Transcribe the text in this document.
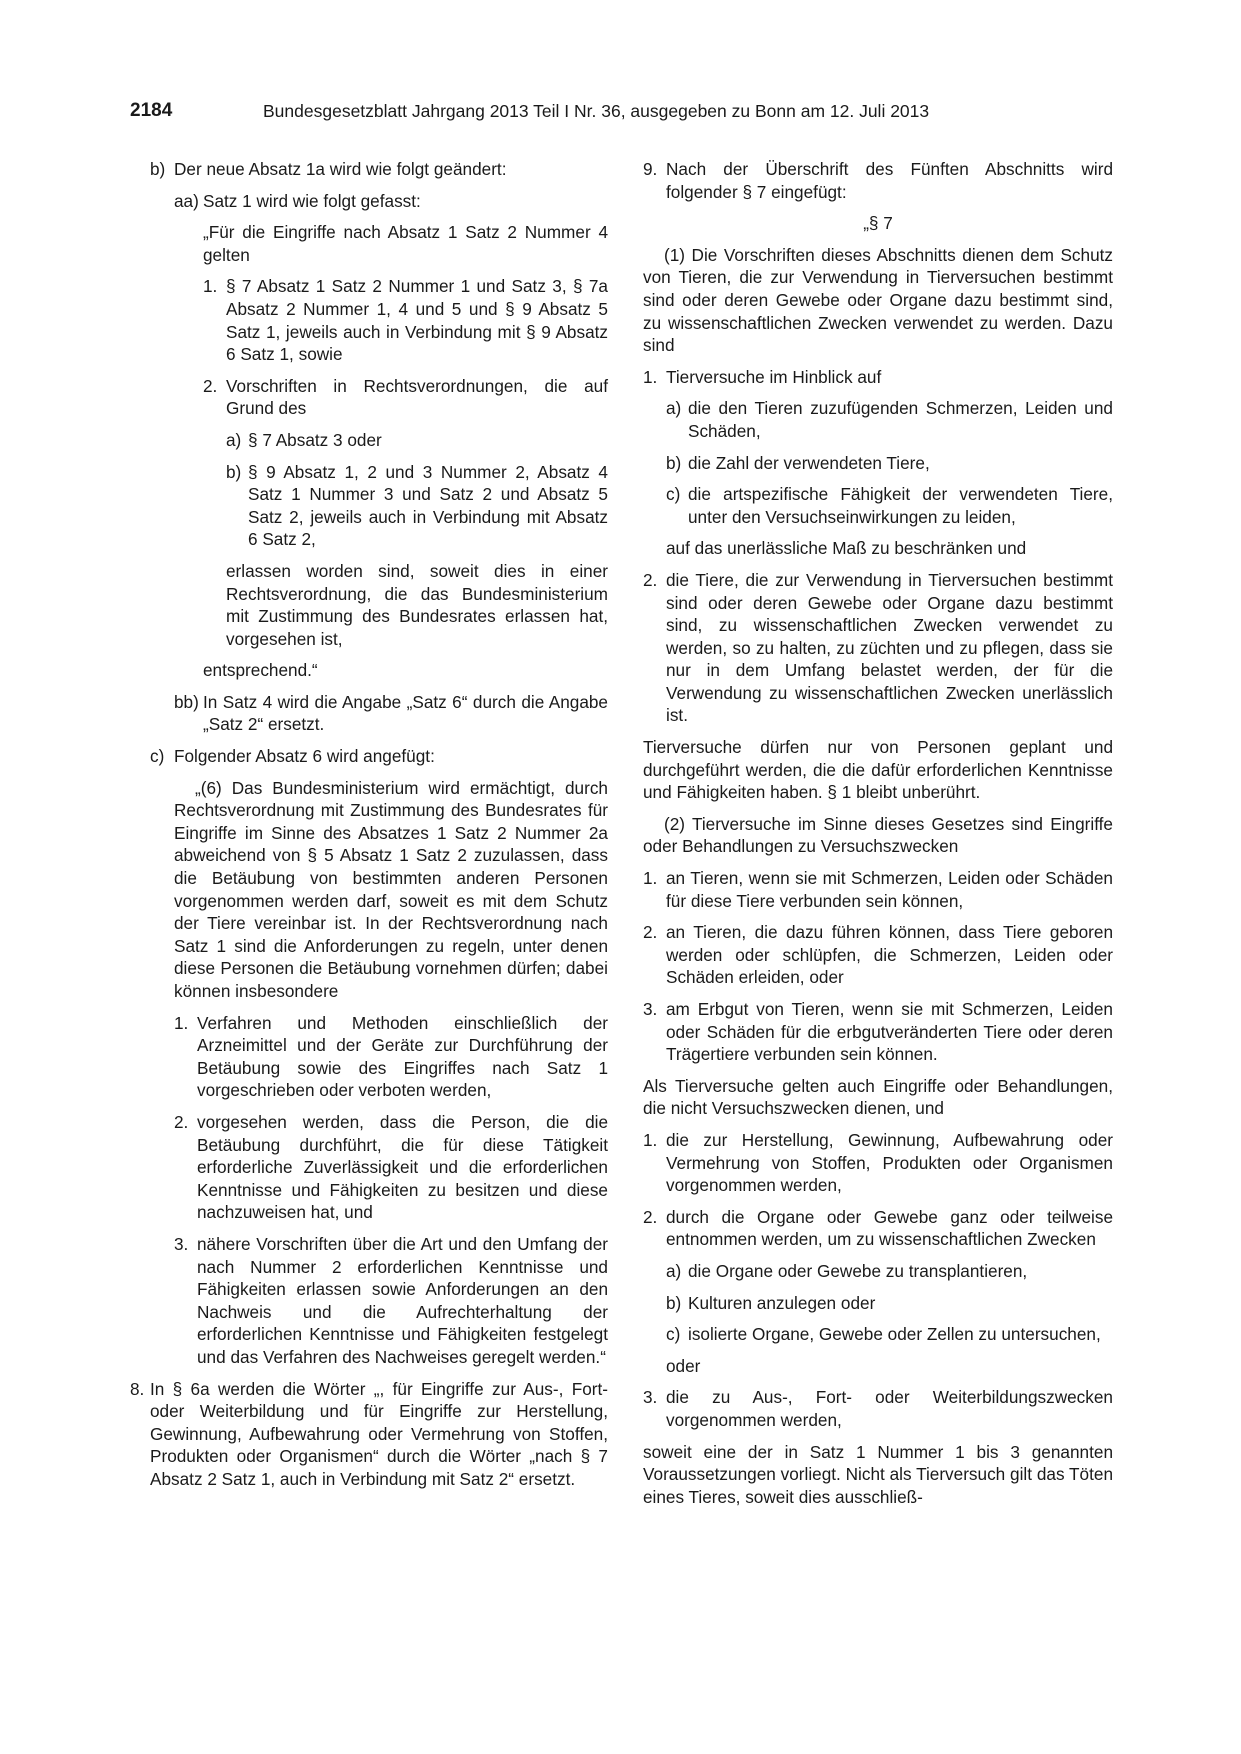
2184	Bundesgesetzblatt Jahrgang 2013 Teil I Nr. 36, ausgegeben zu Bonn am 12. Juli 2013
b) Der neue Absatz 1a wird wie folgt geändert:
aa) Satz 1 wird wie folgt gefasst:
„Für die Eingriffe nach Absatz 1 Satz 2 Nummer 4 gelten
1. § 7 Absatz 1 Satz 2 Nummer 1 und Satz 3, § 7a Absatz 2 Nummer 1, 4 und 5 und § 9 Absatz 5 Satz 1, jeweils auch in Verbindung mit § 9 Absatz 6 Satz 1, sowie
2. Vorschriften in Rechtsverordnungen, die auf Grund des
a) § 7 Absatz 3 oder
b) § 9 Absatz 1, 2 und 3 Nummer 2, Absatz 4 Satz 1 Nummer 3 und Satz 2 und Absatz 5 Satz 2, jeweils auch in Verbindung mit Absatz 6 Satz 2,
erlassen worden sind, soweit dies in einer Rechtsverordnung, die das Bundesministerium mit Zustimmung des Bundesrates erlassen hat, vorgesehen ist,
entsprechend.“
bb) In Satz 4 wird die Angabe „Satz 6“ durch die Angabe „Satz 2“ ersetzt.
c) Folgender Absatz 6 wird angefügt:
„(6) Das Bundesministerium wird ermächtigt, durch Rechtsverordnung mit Zustimmung des Bundesrates für Eingriffe im Sinne des Absatzes 1 Satz 2 Nummer 2a abweichend von § 5 Absatz 1 Satz 2 zuzulassen, dass die Betäubung von bestimmten anderen Personen vorgenommen werden darf, soweit es mit dem Schutz der Tiere vereinbar ist. In der Rechtsverordnung nach Satz 1 sind die Anforderungen zu regeln, unter denen diese Personen die Betäubung vornehmen dürfen; dabei können insbesondere
1. Verfahren und Methoden einschließlich der Arzneimittel und der Geräte zur Durchführung der Betäubung sowie des Eingriffes nach Satz 1 vorgeschrieben oder verboten werden,
2. vorgesehen werden, dass die Person, die die Betäubung durchführt, die für diese Tätigkeit erforderliche Zuverlässigkeit und die erforderlichen Kenntnisse und Fähigkeiten zu besitzen und diese nachzuweisen hat, und
3. nähere Vorschriften über die Art und den Umfang der nach Nummer 2 erforderlichen Kenntnisse und Fähigkeiten erlassen sowie Anforderungen an den Nachweis und die Aufrechterhaltung der erforderlichen Kenntnisse und Fähigkeiten festgelegt und das Verfahren des Nachweises geregelt werden.“
8. In § 6a werden die Wörter „, für Eingriffe zur Aus-, Fort- oder Weiterbildung und für Eingriffe zur Herstellung, Gewinnung, Aufbewahrung oder Vermehrung von Stoffen, Produkten oder Organismen“ durch die Wörter „nach § 7 Absatz 2 Satz 1, auch in Verbindung mit Satz 2“ ersetzt.
9. Nach der Überschrift des Fünften Abschnitts wird folgender § 7 eingefügt:
„§ 7
(1) Die Vorschriften dieses Abschnitts dienen dem Schutz von Tieren, die zur Verwendung in Tierversuchen bestimmt sind oder deren Gewebe oder Organe dazu bestimmt sind, zu wissenschaftlichen Zwecken verwendet zu werden. Dazu sind
1. Tierversuche im Hinblick auf
a) die den Tieren zuzufügenden Schmerzen, Leiden und Schäden,
b) die Zahl der verwendeten Tiere,
c) die artspezifische Fähigkeit der verwendeten Tiere, unter den Versuchseinwirkungen zu leiden,
auf das unerlässliche Maß zu beschränken und
2. die Tiere, die zur Verwendung in Tierversuchen bestimmt sind oder deren Gewebe oder Organe dazu bestimmt sind, zu wissenschaftlichen Zwecken verwendet zu werden, so zu halten, zu züchten und zu pflegen, dass sie nur in dem Umfang belastet werden, der für die Verwendung zu wissenschaftlichen Zwecken unerlässlich ist.
Tierversuche dürfen nur von Personen geplant und durchgeführt werden, die die dafür erforderlichen Kenntnisse und Fähigkeiten haben. § 1 bleibt unberührt.
(2) Tierversuche im Sinne dieses Gesetzes sind Eingriffe oder Behandlungen zu Versuchszwecken
1. an Tieren, wenn sie mit Schmerzen, Leiden oder Schäden für diese Tiere verbunden sein können,
2. an Tieren, die dazu führen können, dass Tiere geboren werden oder schlüpfen, die Schmerzen, Leiden oder Schäden erleiden, oder
3. am Erbgut von Tieren, wenn sie mit Schmerzen, Leiden oder Schäden für die erbgutveränderten Tiere oder deren Trägertiere verbunden sein können.
Als Tierversuche gelten auch Eingriffe oder Behandlungen, die nicht Versuchszwecken dienen, und
1. die zur Herstellung, Gewinnung, Aufbewahrung oder Vermehrung von Stoffen, Produkten oder Organismen vorgenommen werden,
2. durch die Organe oder Gewebe ganz oder teilweise entnommen werden, um zu wissenschaftlichen Zwecken
a) die Organe oder Gewebe zu transplantieren,
b) Kulturen anzulegen oder
c) isolierte Organe, Gewebe oder Zellen zu untersuchen,
oder
3. die zu Aus-, Fort- oder Weiterbildungszwecken vorgenommen werden,
soweit eine der in Satz 1 Nummer 1 bis 3 genannten Voraussetzungen vorliegt. Nicht als Tierversuch gilt das Töten eines Tieres, soweit dies ausschließ-
